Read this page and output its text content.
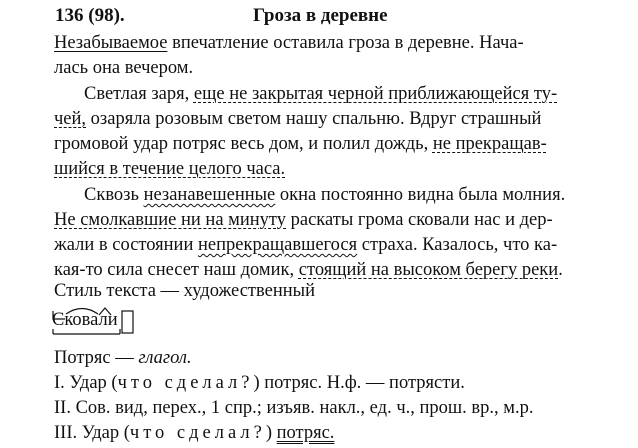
136 (98).	Гроза в деревне
Незабываемое впечатление оставила гроза в деревне. Нача-
лась она вечером.
Светлая заря, еще не закрытая черной приближающейся ту-
чей, озаряла розовым светом нашу спальню. Вдруг страшный
громовой удар потряс весь дом, и полил дождь, не прекращав-
шийся в течение целого часа.
Сквозь незанавешенные окна постоянно видна была молния.
Не смолкавшие ни на минуту раскаты грома сковали нас и дер-
жали в состоянии непрекращавшегося страха. Казалось, что ка-
кая-то сила снесет наш домик, стоящий на высоком берегу реки.
Стиль текста — художественный
Сковали
Потряс — глагол.
I. Удар (что сделал?) потряс. Н.ф. — потрясти.
II. Сов. вид, перех., 1 спр.; изъяв. накл., ед. ч., прош. вр., м.р.
III. Удар (что сделал?) потряс.
